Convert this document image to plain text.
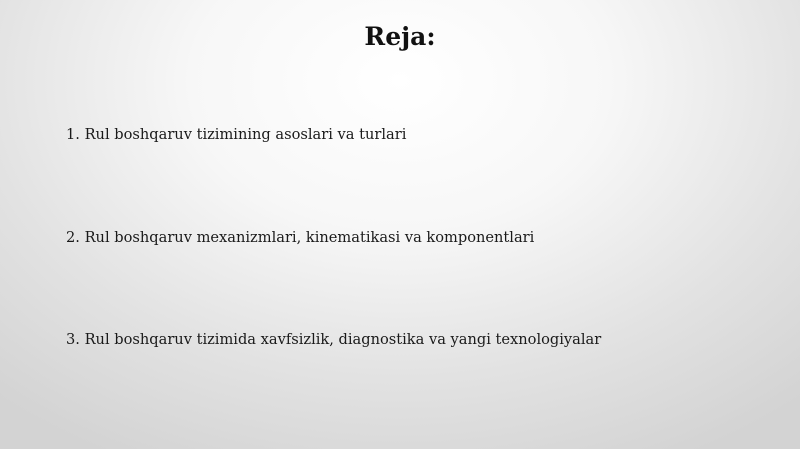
Reja:
1. Rul boshqaruv tizimining asoslari va turlari
2. Rul boshqaruv mexanizmlari, kinematikasi va komponentlari
3. Rul boshqaruv tizimida xavfsizlik, diagnostika va yangi texnologiyalar
